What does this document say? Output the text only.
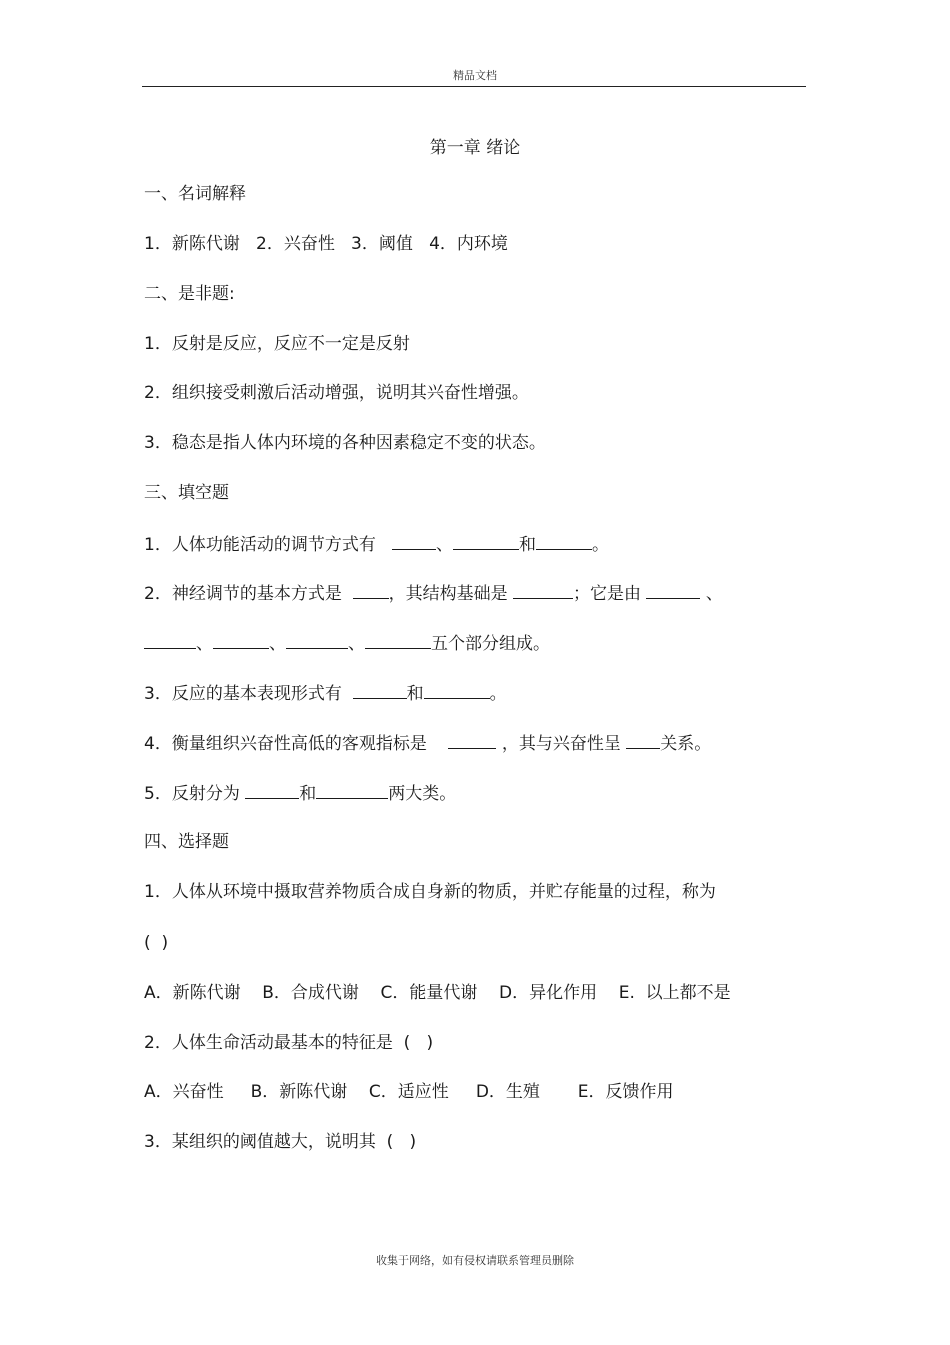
精品文档
第一章 绪论
一、名词解释
1．新陈代谢   2．兴奋性   3．阈值   4．内环境
二、是非题:
1．反射是反应，反应不一定是反射
2．组织接受刺激后活动增强，说明其兴奋性增强。
3．稳态是指人体内环境的各种因素稳定不变的状态。
三、填空题
1．人体功能活动的调节方式有	、	和	。
2．神经调节的基本方式是  ，其结构基础是	；它是由	、
、	、	、	五个部分组成。
3．反应的基本表现形式有	和	。
4．衡量组织兴奋性高低的客观指标是	，其与兴奋性呈 关系。
5．反射分为	和	两大类。
四、选择题
1．人体从环境中摄取营养物质合成自身新的物质，并贮存能量的过程，称为
(  )
A．新陈代谢    B．合成代谢    C．能量代谢    D．异化作用    E.  以上都不是
2．人体生命活动最基本的特征是  (   )
A．兴奋性     B．新陈代谢    C．适应性     D．生殖       E．反馈作用
3．某组织的阈值越大，说明其  (   )
收集于网络，如有侵权请联系管理员删除
